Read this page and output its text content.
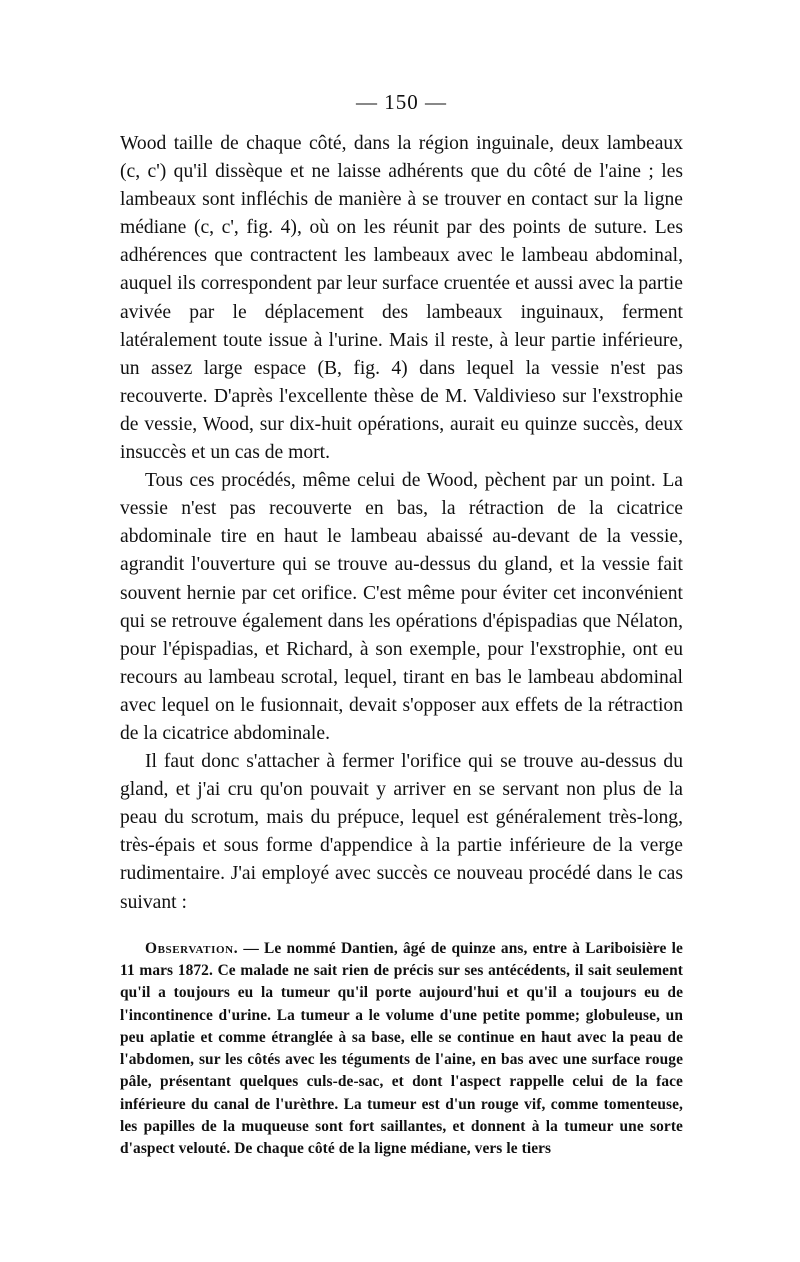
— 150 —

Wood taille de chaque côté, dans la région inguinale, deux lambeaux (c, c') qu'il dissèque et ne laisse adhérents que du côté de l'aine ; les lambeaux sont infléchis de manière à se trouver en contact sur la ligne médiane (c, c', fig. 4), où on les réunit par des points de suture. Les adhérences que contractent les lambeaux avec le lambeau abdominal, auquel ils correspondent par leur surface cruentée et aussi avec la partie avivée par le déplacement des lambeaux inguinaux, ferment latéralement toute issue à l'urine. Mais il reste, à leur partie inférieure, un assez large espace (B, fig. 4) dans lequel la vessie n'est pas recouverte. D'après l'excellente thèse de M. Valdivieso sur l'exstrophie de vessie, Wood, sur dix-huit opérations, aurait eu quinze succès, deux insuccès et un cas de mort.

Tous ces procédés, même celui de Wood, pèchent par un point. La vessie n'est pas recouverte en bas, la rétraction de la cicatrice abdominale tire en haut le lambeau abaissé au-devant de la vessie, agrandit l'ouverture qui se trouve au-dessus du gland, et la vessie fait souvent hernie par cet orifice. C'est même pour éviter cet inconvénient qui se retrouve également dans les opérations d'épispadias que Nélaton, pour l'épispadias, et Richard, à son exemple, pour l'exstrophie, ont eu recours au lambeau scrotal, lequel, tirant en bas le lambeau abdominal avec lequel on le fusionnait, devait s'opposer aux effets de la rétraction de la cicatrice abdominale.

Il faut donc s'attacher à fermer l'orifice qui se trouve au-dessus du gland, et j'ai cru qu'on pouvait y arriver en se servant non plus de la peau du scrotum, mais du prépuce, lequel est généralement très-long, très-épais et sous forme d'appendice à la partie inférieure de la verge rudimentaire. J'ai employé avec succès ce nouveau procédé dans le cas suivant :

Observation. — Le nommé Dantien, âgé de quinze ans, entre à Lariboisière le 11 mars 1872. Ce malade ne sait rien de précis sur ses antécédents, il sait seulement qu'il a toujours eu la tumeur qu'il porte aujourd'hui et qu'il a toujours eu de l'incontinence d'urine. La tumeur a le volume d'une petite pomme; globuleuse, un peu aplatie et comme étranglée à sa base, elle se continue en haut avec la peau de l'abdomen, sur les côtés avec les téguments de l'aine, en bas avec une surface rouge pâle, présentant quelques culs-de-sac, et dont l'aspect rappelle celui de la face inférieure du canal de l'urèthre. La tumeur est d'un rouge vif, comme tomenteuse, les papilles de la muqueuse sont fort saillantes, et donnent à la tumeur une sorte d'aspect velouté. De chaque côté de la ligne médiane, vers le tiers
